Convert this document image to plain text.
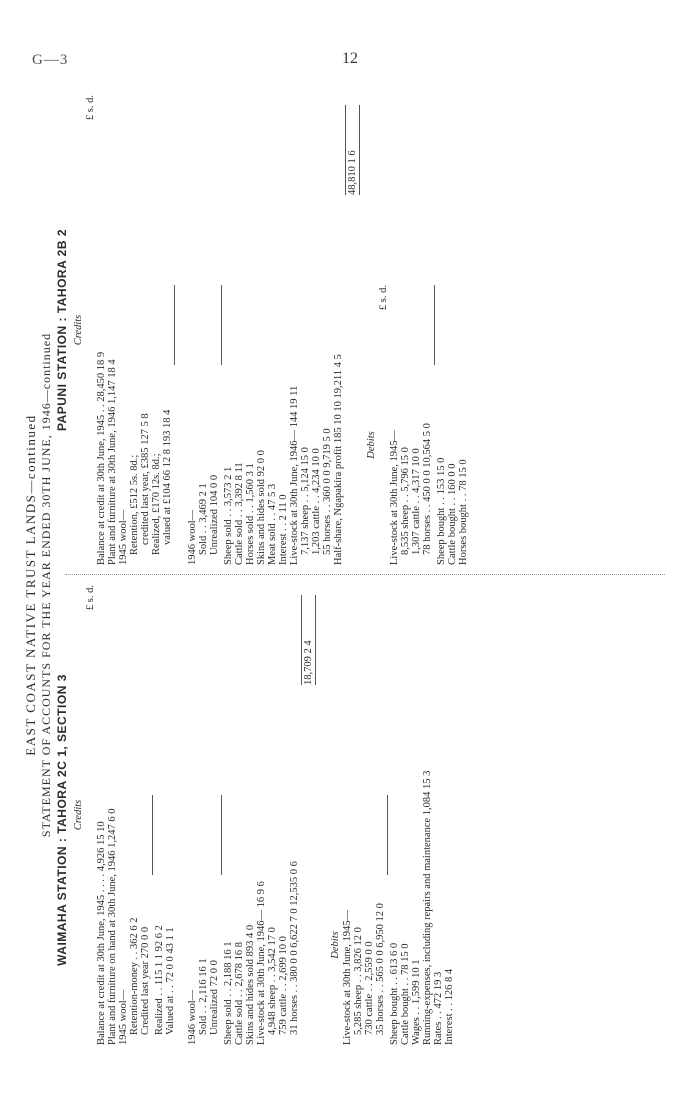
G—3	12
EAST COAST NATIVE TRUST LANDS—continued STATEMENT OF ACCOUNTS FOR THE YEAR ENDED 30TH JUNE, 1946—continued WAIMAHA STATION : TAHORA 2C 1, SECTION 3
PAPUNI STATION : TAHORA 2B 2
Credits
£ s. d.
Balance at credit at 30th June, 1945 . . . . 4,926 15 10 Plant and furniture on hand at 30th June, 1946 1,247 6 0 1945 wool— Retention-money . . 362 6 2 Credited last year 270 0 0 Realized . . 115 1 1 92 6 2 Valued at . . 72 0 0 43 1 1 1946 wool— Sold . . 2,116 16 1 Unrealized 72 0 0 Sheep sold . . 2,188 16 1 Cattle sold . . 2,678 16 8 Skins and hides sold 893 4 0 Live-stock at 30th June, 1946— 16 9 6 4,948 sheep . . 3,542 17 0 759 cattle . . 2,699 10 0 31 horses . . 380 0 0 6,622 7 0 12,535 0 6
18,709 2 4
Debits Live-stock at 30th June, 1945— 5,285 sheep . . 3,826 12 0 730 cattle . . 2,559 0 0 35 horses . . 565 0 0 6,950 12 0 Sheep bought . . 613 6 0 Cattle bought . . 78 15 0 Wages . . 1,599 10 1 Running-expenses, including repairs and maintenance 1,084 15 3 Rates . . 472 19 3 Interest . . 126 8 4
Credits
£ s. d.
Balance at credit at 30th June, 1945 . . 28,450 18 9 Plant and furniture at 30th June, 1946 1,147 18 4 1945 wool— Retention, £512 5s. 8d.; credited last year, £385 127 5 8 Realized, £170 12s. 8d.; valued at £104 66 12 8 193 18 4 1946 wool— Sold . . 3,469 2 1 Unrealized 104 0 0 Sheep sold . . 3,573 2 1 Cattle sold . . 3,392 8 11 Horses sold . . 1,560 3 1 Skins and hides sold 92 0 0 Meat sold . . 47 5 3 Interest . . 2 11 0 Live-stock at 30th June, 1946— 144 19 11 7,137 sheep . . 5,124 15 0 1,203 cattle . . 4,234 10 0 55 horses . . 360 0 0 9,719 5 0 Half-share, Ngapakira profit 185 10 10 19,211 4 5
48,810 1 6
Debits
£ s. d.
Live-stock at 30th June, 1945— 8,535 sheep . . 5,796 15 0 1,307 cattle . . 4,317 10 0 78 horses . . 450 0 0 10,564 5 0 Sheep bought . . 153 15 0 Cattle bought . . 160 0 0 Horses bought . . 78 15 0
